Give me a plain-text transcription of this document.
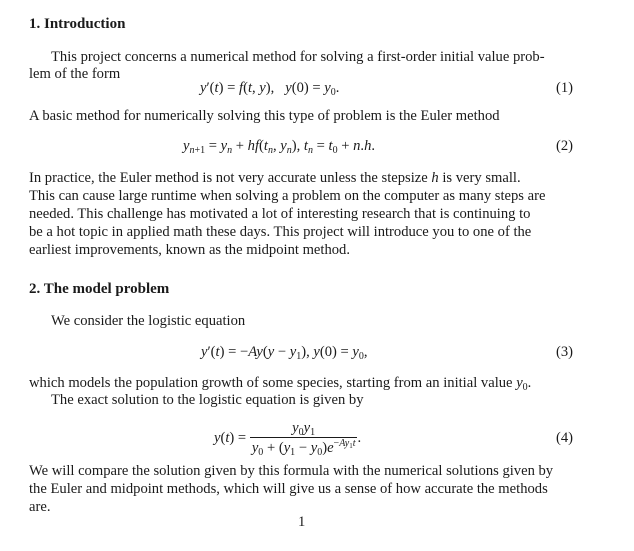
1. Introduction
This project concerns a numerical method for solving a first-order initial value prob-
lem of the form
y′(t) = f(t, y),   $y(0) = y_0$.	(1)
A basic method for numerically solving this type of problem is the Euler method
$y_{n+1} = y_n + hf(t_n$, $y_n$), $t_n = t_0 + n.h$.	(2)
In practice, the Euler method is not very accurate unless the stepsize h is very small.
This can cause large runtime when solving a problem on the computer as many steps are
needed. This challenge has motivated a lot of interesting research that is continuing to
be a hot topic in applied math these days. This project will introduce you to one of the
earliest improvements, known as the midpoint method.
2. The model problem
We consider the logistic equation
$y'(t) = -Ay(y - y_1)$, $y(0) = y_0$,	(3)
which models the population growth of some species, starting from an initial value $y_0$.
The exact solution to the logistic equation is given by
$y(t) = \frac{y_0y_1}{y_0 + (y_1 - y_0)e^{-Ay_1t}}$ .	(4)
We will compare the solution given by this formula with the numerical solutions given by
the Euler and midpoint methods, which will give us a sense of how accurate the methods
are.
1
